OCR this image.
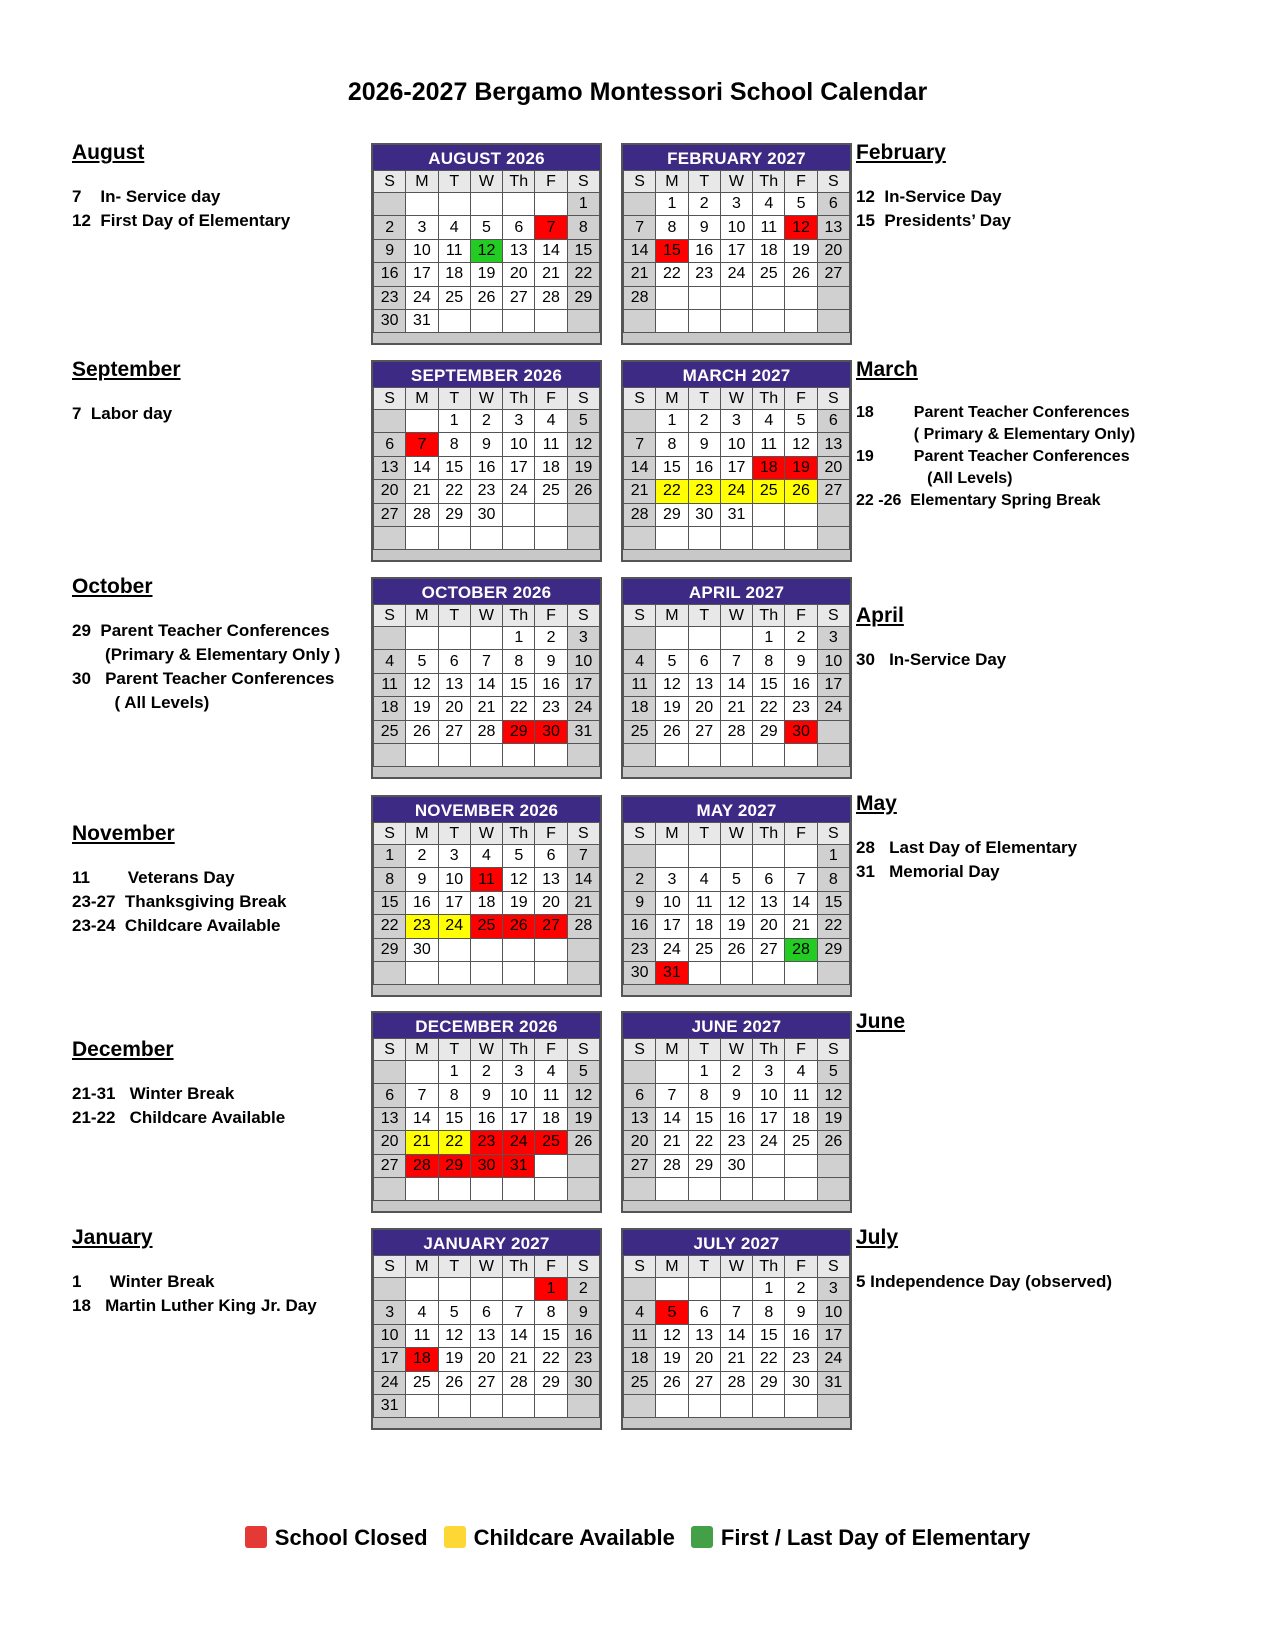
2026-2027 Bergamo Montessori School Calendar
AUGUST 2026
S	M	T	W	Th	F	S
						1
2	3	4	5	6	7	8
9	10	11	12	13	14	15
16	17	18	19	20	21	22
23	24	25	26	27	28	29
30	31					
FEBRUARY 2027
S	M	T	W	Th	F	S
	1	2	3	4	5	6
7	8	9	10	11	12	13
14	15	16	17	18	19	20
21	22	23	24	25	26	27
28						

SEPTEMBER 2026
S	M	T	W	Th	F	S
		1	2	3	4	5
6	7	8	9	10	11	12
13	14	15	16	17	18	19
20	21	22	23	24	25	26
27	28	29	30			

MARCH 2027
S	M	T	W	Th	F	S
	1	2	3	4	5	6
7	8	9	10	11	12	13
14	15	16	17	18	19	20
21	22	23	24	25	26	27
28	29	30	31			

OCTOBER 2026
S	M	T	W	Th	F	S
				1	2	3
4	5	6	7	8	9	10
11	12	13	14	15	16	17
18	19	20	21	22	23	24
25	26	27	28	29	30	31

APRIL 2027
S	M	T	W	Th	F	S
				1	2	3
4	5	6	7	8	9	10
11	12	13	14	15	16	17
18	19	20	21	22	23	24
25	26	27	28	29	30	

NOVEMBER 2026
S	M	T	W	Th	F	S
1	2	3	4	5	6	7
8	9	10	11	12	13	14
15	16	17	18	19	20	21
22	23	24	25	26	27	28
29	30					

MAY 2027
S	M	T	W	Th	F	S
						1
2	3	4	5	6	7	8
9	10	11	12	13	14	15
16	17	18	19	20	21	22
23	24	25	26	27	28	29
30	31					
DECEMBER 2026
S	M	T	W	Th	F	S
		1	2	3	4	5
6	7	8	9	10	11	12
13	14	15	16	17	18	19
20	21	22	23	24	25	26
27	28	29	30	31		

JUNE 2027
S	M	T	W	Th	F	S
		1	2	3	4	5
6	7	8	9	10	11	12
13	14	15	16	17	18	19
20	21	22	23	24	25	26
27	28	29	30			

JANUARY 2027
S	M	T	W	Th	F	S
					1	2
3	4	5	6	7	8	9
10	11	12	13	14	15	16
17	18	19	20	21	22	23
24	25	26	27	28	29	30
31						
JULY 2027
S	M	T	W	Th	F	S
				1	2	3
4	5	6	7	8	9	10
11	12	13	14	15	16	17
18	19	20	21	22	23	24
25	26	27	28	29	30	31

August
7    In- Service day
12  First Day of Elementary
September
7  Labor day
October
29  Parent Teacher Conferences
(Primary & Elementary Only )
30   Parent Teacher Conferences
( All Levels)
November
11        Veterans Day
23-27  Thanksgiving Break
23-24  Childcare Available
December
21-31   Winter Break
21-22   Childcare Available
January
1      Winter Break
18   Martin Luther King Jr. Day
February
12  In-Service Day
15  Presidents’ Day
March
18         Parent Teacher Conferences
( Primary & Elementary Only)
19         Parent Teacher Conferences
(All Levels)
22 -26  Elementary Spring Break
April
30   In-Service Day
May
28   Last Day of Elementary
31   Memorial Day
June
July
5 Independence Day (observed)
School Closed Childcare Available First / Last Day of Elementary
